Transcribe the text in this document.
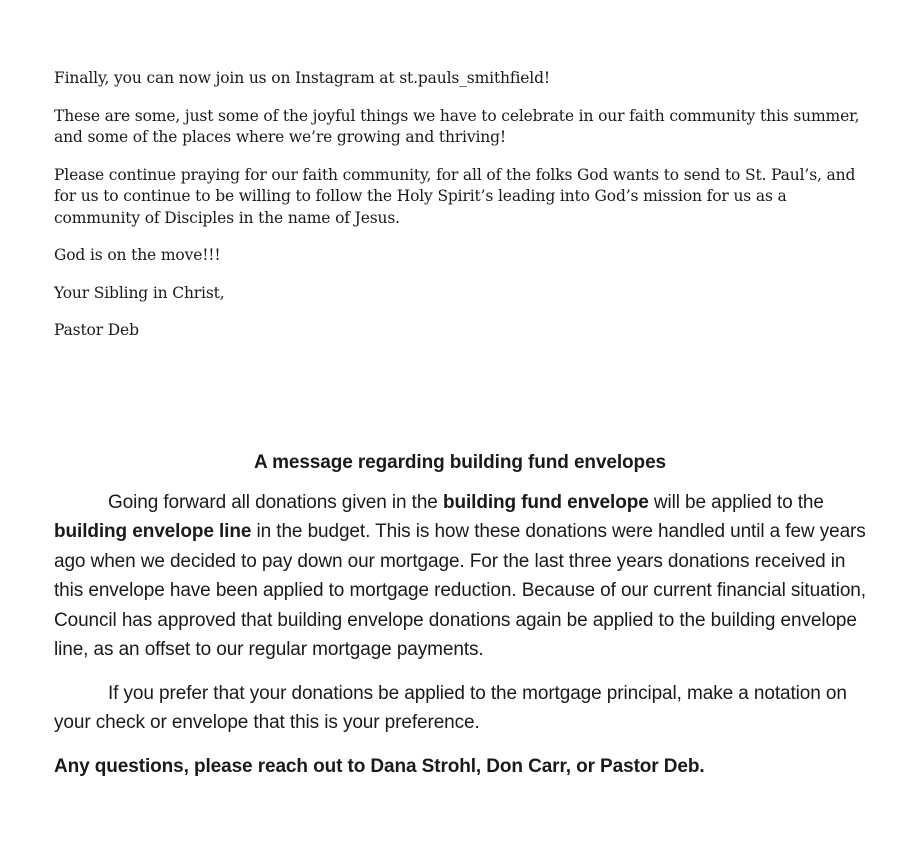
Finally, you can now join us on Instagram at st.pauls_smithfield!

These are some, just some of the joyful things we have to celebrate in our faith community this summer, and some of the places where we’re growing and thriving!

Please continue praying for our faith community, for all of the folks God wants to send to St. Paul’s, and for us to continue to be willing to follow the Holy Spirit’s leading into God’s mission for us as a community of Disciples in the name of Jesus.

God is on the move!!!

Your Sibling in Christ,

Pastor Deb

A message regarding building fund envelopes

Going forward all donations given in the building fund envelope will be applied to the building envelope line in the budget. This is how these donations were handled until a few years ago when we decided to pay down our mortgage. For the last three years donations received in this envelope have been applied to mortgage reduction. Because of our current financial situation, Council has approved that building envelope donations again be applied to the building envelope line, as an offset to our regular mortgage payments.

If you prefer that your donations be applied to the mortgage principal, make a notation on your check or envelope that this is your preference.

Any questions, please reach out to Dana Strohl, Don Carr, or Pastor Deb.
